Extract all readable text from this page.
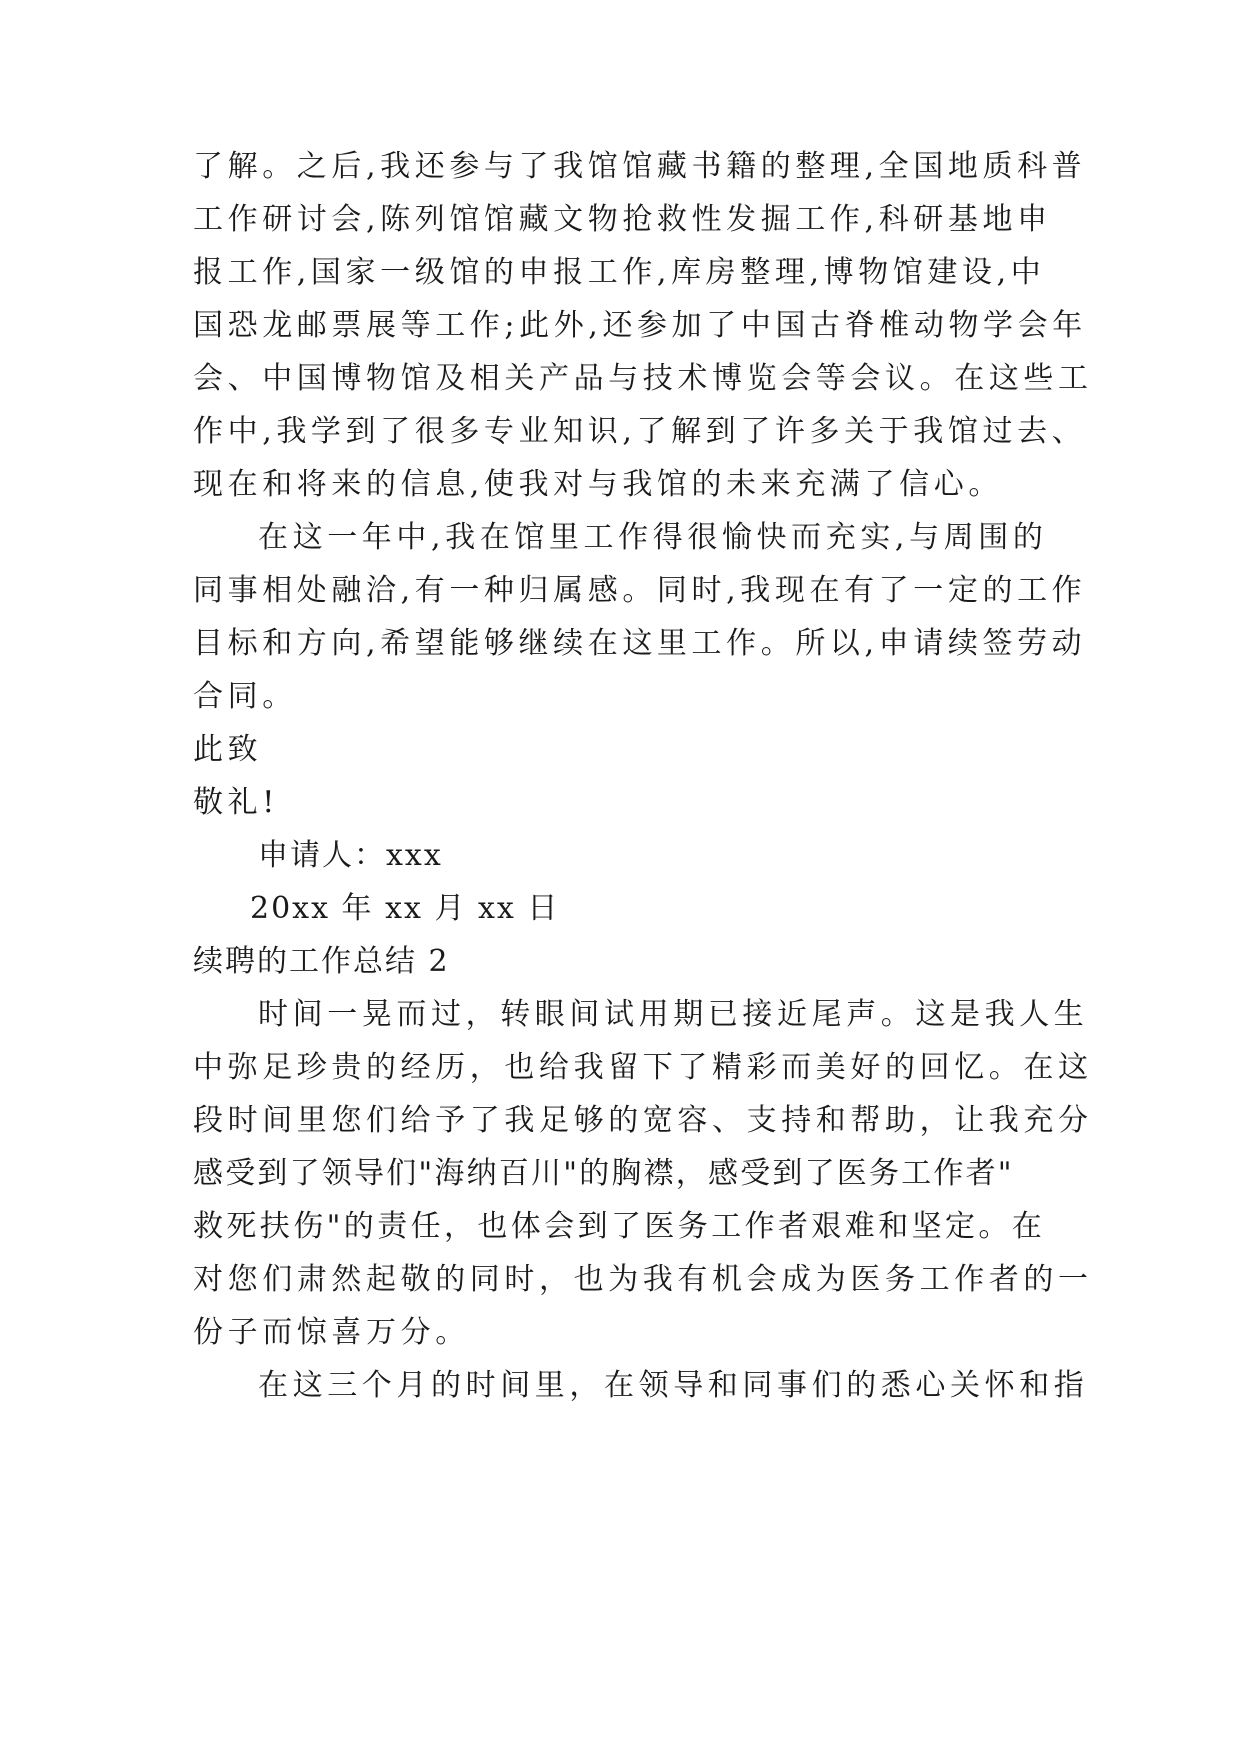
了解。之后,我还参与了我馆馆藏书籍的整理,全国地质科普
工作研讨会,陈列馆馆藏文物抢救性发掘工作,科研基地申
报工作,国家一级馆的申报工作,库房整理,博物馆建设,中
国恐龙邮票展等工作;此外,还参加了中国古脊椎动物学会年
会、中国博物馆及相关产品与技术博览会等会议。在这些工
作中,我学到了很多专业知识,了解到了许多关于我馆过去、
现在和将来的信息,使我对与我馆的未来充满了信心。
在这一年中,我在馆里工作得很愉快而充实,与周围的
同事相处融洽,有一种归属感。同时,我现在有了一定的工作
目标和方向,希望能够继续在这里工作。所以,申请续签劳动
合同。
此致
敬礼!
申请人：xxx
20xx 年 xx 月 xx 日
续聘的工作总结 2
时间一晃而过，转眼间试用期已接近尾声。这是我人生
中弥足珍贵的经历，也给我留下了精彩而美好的回忆。在这
段时间里您们给予了我足够的宽容、支持和帮助，让我充分
感受到了领导们"海纳百川"的胸襟，感受到了医务工作者"
救死扶伤"的责任，也体会到了医务工作者艰难和坚定。在
对您们肃然起敬的同时，也为我有机会成为医务工作者的一
份子而惊喜万分。
在这三个月的时间里，在领导和同事们的悉心关怀和指
